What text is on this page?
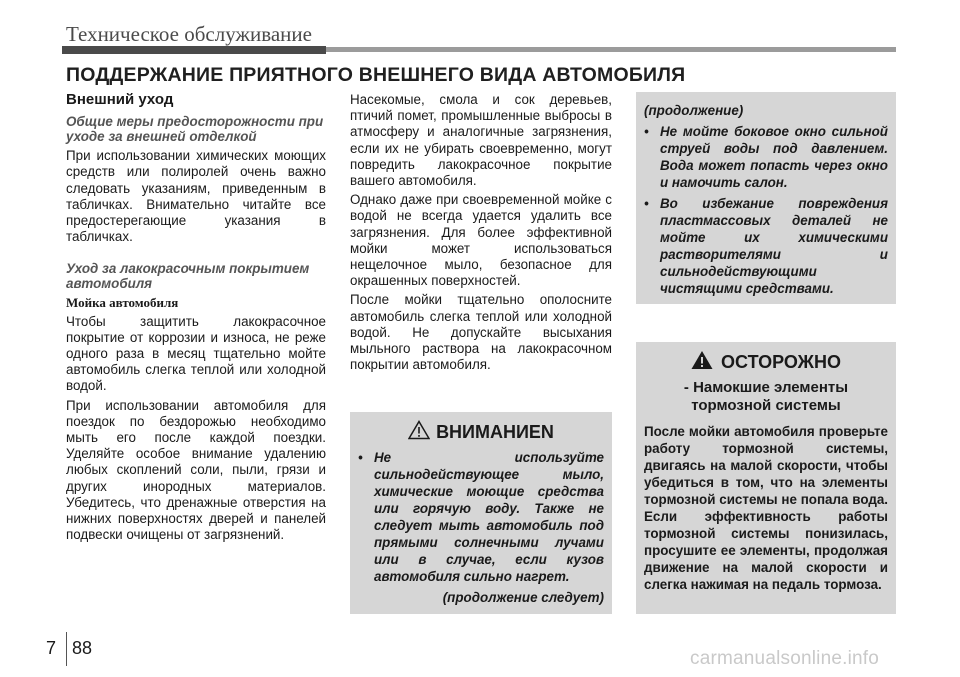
Техническое обслуживание
ПОДДЕРЖАНИЕ ПРИЯТНОГО ВНЕШНЕГО ВИДА АВТОМОБИЛЯ
Внешний уход
Общие меры предосторожности при уходе за внешней отделкой

При использовании химических моющих средств или полиролей очень важно следовать указаниям, приведенным в табличках. Внимательно читайте все предостерегающие указания в табличках.

Уход за лакокрасочным покрытием автомобиля
Мойка автомобиля

Чтобы защитить лакокрасочное покрытие от коррозии и износа, не реже одного раза в месяц тщательно мойте автомобиль слегка теплой или холодной водой.

При использовании автомобиля для поездок по бездорожью необходимо мыть его после каждой поездки. Уделяйте особое внимание удалению любых скоплений соли, пыли, грязи и других инородных материалов. Убедитесь, что дренажные отверстия на нижних поверхностях дверей и панелей подвески очищены от загрязнений.

Насекомые, смола и сок деревьев, птичий помет, промышленные выбросы в атмосферу и аналогичные загрязнения, если их не убирать своевременно, могут повредить лакокрасочное покрытие вашего автомобиля.

Однако даже при своевременной мойке с водой не всегда удается удалить все загрязнения. Для более эффективной мойки может использоваться нещелочное мыло, безопасное для окрашенных поверхностей.

После мойки тщательно ополосните автомобиль слегка теплой или холодной водой. Не допускайте высыхания мыльного раствора на лакокрасочном покрытии автомобиля.

ВНИМАНИЕN
• Не используйте сильнодействующее мыло, химические моющие средства или горячую воду. Также не следует мыть автомобиль под прямыми солнечными лучами или в случае, если кузов автомобиля сильно нагрет.
(продолжение следует)
(продолжение)
• Не мойте боковое окно сильной струей воды под давлением. Вода может попасть через окно и намочить салон.
• Во избежание повреждения пластмассовых деталей не мойте их химическими растворителями и сильнодействующими чистящими средствами.
ОСТОРОЖНО
- Намокшие элементы тормозной системы

После мойки автомобиля проверьте работу тормозной системы, двигаясь на малой скорости, чтобы убедиться в том, что на элементы тормозной системы не попала вода. Если эффективность работы тормозной системы понизилась, просушите ее элементы, продолжая движение на малой скорости и слегка нажимая на педаль тормоза.

7 88	carmanualsonline.info
